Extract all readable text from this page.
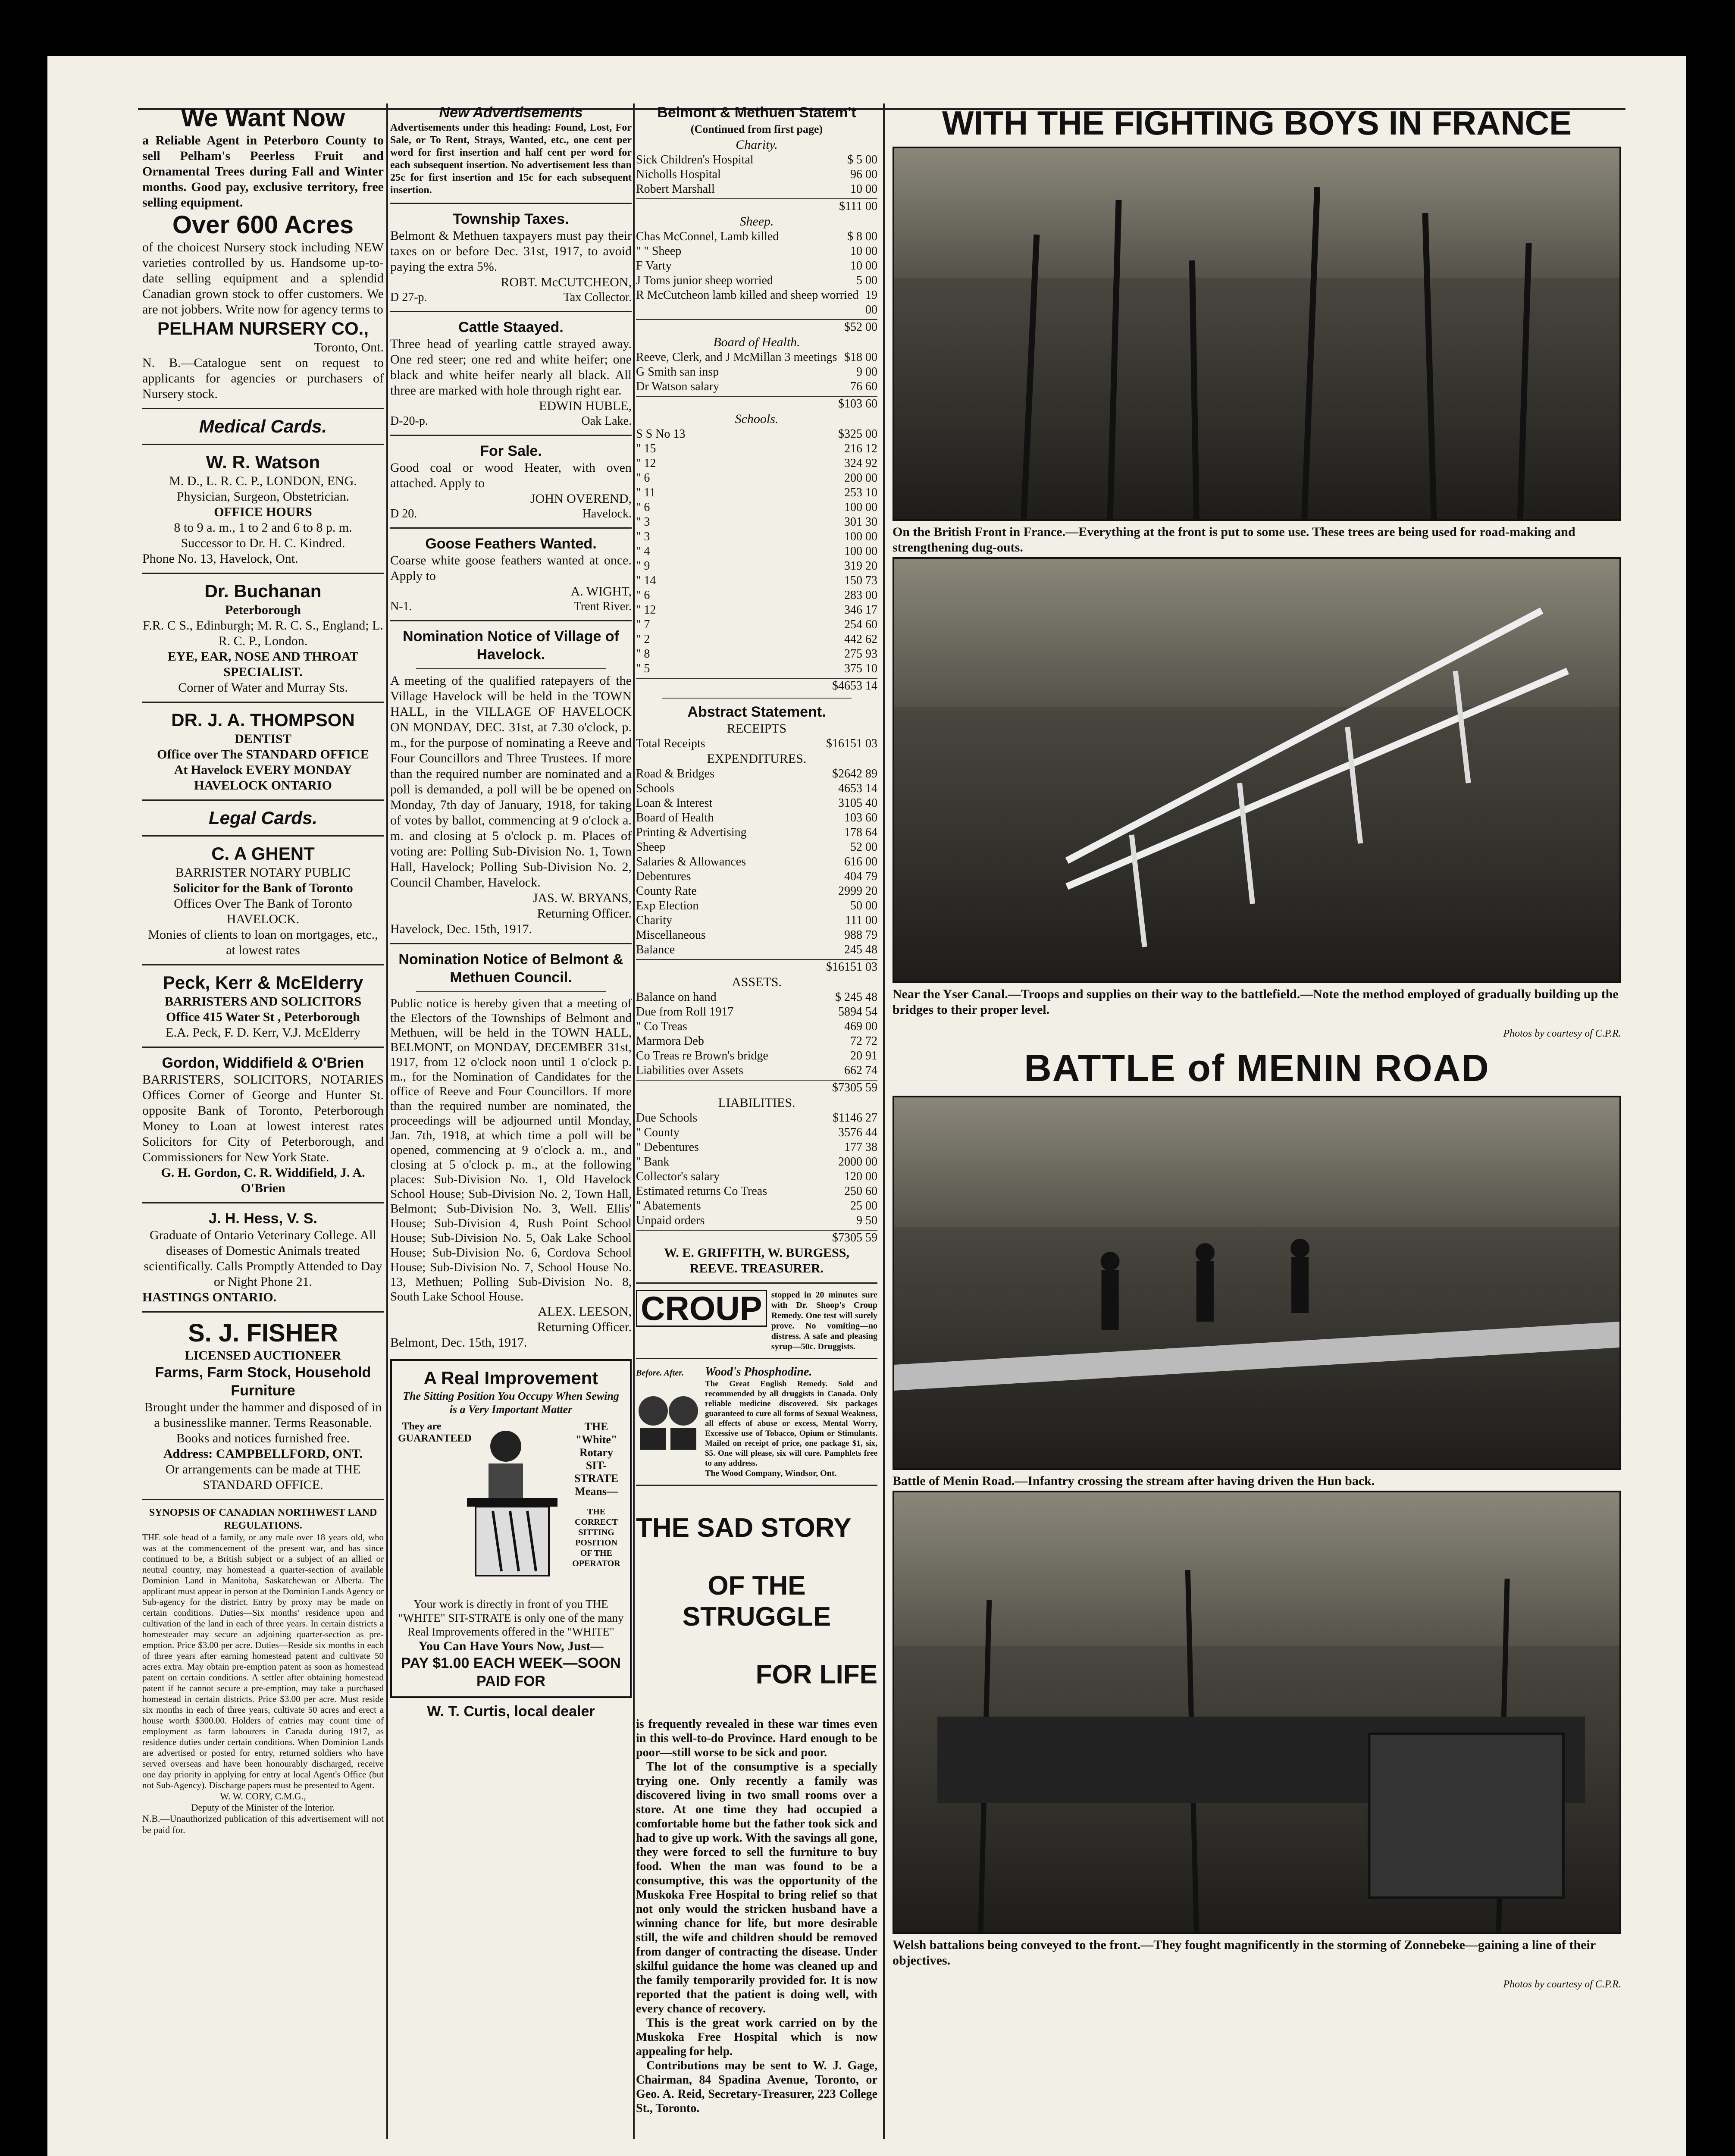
We Want Now

a Reliable Agent in Peterboro County to sell Pelham's Peerless Fruit and Ornamental Trees during Fall and Winter months. Good pay, exclusive territory, free selling equipment.

Over 600 Acres

of the choicest Nursery stock including NEW varieties controlled by us. Handsome up-to-date selling equipment and a splendid Canadian grown stock to offer customers. We are not jobbers. Write now for agency terms to

PELHAM NURSERY CO.,

Toronto, Ont.

N. B.—Catalogue sent on request to applicants for agencies or purchasers of Nursery stock.

Medical Cards.

W. R. Watson

M. D., L. R. C. P., LONDON, ENG.

Physician, Surgeon, Obstetrician.

OFFICE HOURS

8 to 9 a. m., 1 to 2 and 6 to 8 p. m.

Successor to Dr. H. C. Kindred.

Phone No. 13, Havelock, Ont.

Dr. Buchanan

Peterborough

F.R. C S., Edinburgh; M. R. C. S., England; L. R. C. P., London.

EYE, EAR, NOSE AND THROAT SPECIALIST.

Corner of Water and Murray Sts.

DR. J. A. THOMPSON

DENTIST

Office over The STANDARD OFFICE

At Havelock EVERY MONDAY

HAVELOCK ONTARIO

Legal Cards.

C. A GHENT

BARRISTER NOTARY PUBLIC

Solicitor for the Bank of Toronto

Offices Over The Bank of Toronto

HAVELOCK.

Monies of clients to loan on mortgages, etc., at lowest rates

Peck, Kerr & McElderry

BARRISTERS AND SOLICITORS

Office 415 Water St , Peterborough

E.A. Peck, F. D. Kerr, V.J. McElderry

Gordon, Widdifield & O'Brien

BARRISTERS, SOLICITORS, NOTARIES Offices Corner of George and Hunter St. opposite Bank of Toronto, Peterborough Money to Loan at lowest interest rates Solicitors for City of Peterborough, and Commissioners for New York State.

G. H. Gordon, C. R. Widdifield, J. A. O'Brien

J. H. Hess, V. S.

Graduate of Ontario Veterinary College. All diseases of Domestic Animals treated scientifically. Calls Promptly Attended to Day or Night Phone 21.

HASTINGS ONTARIO.

S. J. FISHER

LICENSED AUCTIONEER

Farms, Farm Stock, Household Furniture

Brought under the hammer and disposed of in a businesslike manner. Terms Reasonable. Books and notices furnished free.

Address: CAMPBELLFORD, ONT.

Or arrangements can be made at THE STANDARD OFFICE.

SYNOPSIS OF CANADIAN NORTHWEST LAND REGULATIONS.

THE sole head of a family, or any male over 18 years old, who was at the commencement of the present war, and has since continued to be, a British subject or a subject of an allied or neutral country, may homestead a quarter-section of available Dominion Land in Manitoba, Saskatchewan or Alberta. The applicant must appear in person at the Dominion Lands Agency or Sub-agency for the district. Entry by proxy may be made on certain conditions. Duties—Six months' residence upon and cultivation of the land in each of three years. In certain districts a homesteader may secure an adjoining quarter-section as pre-emption. Price $3.00 per acre. Duties—Reside six months in each of three years after earning homestead patent and cultivate 50 acres extra. May obtain pre-emption patent as soon as homestead patent on certain conditions. A settler after obtaining homestead patent if he cannot secure a pre-emption, may take a purchased homestead in certain districts. Price $3.00 per acre. Must reside six months in each of three years, cultivate 50 acres and erect a house worth $300.00. Holders of entries may count time of employment as farm labourers in Canada during 1917, as residence duties under certain conditions. When Dominion Lands are advertised or posted for entry, returned soldiers who have served overseas and have been honourably discharged, receive one day priority in applying for entry at local Agent's Office (but not Sub-Agency). Discharge papers must be presented to Agent.

W. W. CORY, C.M.G.,

Deputy of the Minister of the Interior.

N.B.—Unauthorized publication of this advertisement will not be paid for.

New Advertisements

Advertisements under this heading: Found, Lost, For Sale, or To Rent, Strays, Wanted, etc., one cent per word for first insertion and half cent per word for each subsequent insertion. No advertisement less than 25c for first insertion and 15c for each subsequent insertion.

Township Taxes.

Belmont & Methuen taxpayers must pay their taxes on or before Dec. 31st, 1917, to avoid paying the extra 5%.

ROBT. McCUTCHEON,

D 27-p.	Tax Collector.

Cattle Staayed.

Three head of yearling cattle strayed away. One red steer; one red and white heifer; one black and white heifer nearly all black. All three are marked with hole through right ear.

EDWIN HUBLE,

D-20-p.	Oak Lake.

For Sale.

Good coal or wood Heater, with oven attached. Apply to

JOHN OVEREND,

D 20.	Havelock.

Goose Feathers Wanted.

Coarse white goose feathers wanted at once. Apply to

A. WIGHT,

N-1.	Trent River.

Nomination Notice of Village of Havelock.

A meeting of the qualified ratepayers of the Village Havelock will be held in the TOWN HALL, in the VILLAGE OF HAVELOCK ON MONDAY, DEC. 31st, at 7.30 o'clock, p. m., for the purpose of nominating a Reeve and Four Councillors and Three Trustees. If more than the required number are nominated and a poll is demanded, a poll will be be opened on Monday, 7th day of January, 1918, for taking of votes by ballot, commencing at 9 o'clock a. m. and closing at 5 o'clock p. m. Places of voting are: Polling Sub-Division No. 1, Town Hall, Havelock; Polling Sub-Division No. 2, Council Chamber, Havelock.

JAS. W. BRYANS,

Returning Officer.

Havelock, Dec. 15th, 1917.

Nomination Notice of Belmont & Methuen Council.

Public notice is hereby given that a meeting of the Electors of the Townships of Belmont and Methuen, will be held in the TOWN HALL, BELMONT, on MONDAY, DECEMBER 31st, 1917, from 12 o'clock noon until 1 o'clock p. m., for the Nomination of Candidates for the office of Reeve and Four Councillors. If more than the required number are nominated, the proceedings will be adjourned until Monday, Jan. 7th, 1918, at which time a poll will be opened, commencing at 9 o'clock a. m., and closing at 5 o'clock p. m., at the following places: Sub-Division No. 1, Old Havelock School House; Sub-Division No. 2, Town Hall, Belmont; Sub-Division No. 3, Well. Ellis' House; Sub-Division 4, Rush Point School House; Sub-Division No. 5, Oak Lake School House; Sub-Division No. 6, Cordova School House; Sub-Division No. 7, School House No. 13, Methuen; Polling Sub-Division No. 8, South Lake School House.

ALEX. LEESON,

Returning Officer.

Belmont, Dec. 15th, 1917.

A Real Improvement

The Sitting Position You Occupy When Sewing is a Very Important Matter

They are GUARANTEED

THE "White" Rotary SIT-STRATE Means—

THE CORRECT SITTING POSITION OF THE OPERATOR

Your work is directly in front of you THE "WHITE" SIT-STRATE is only one of the many Real Improvements offered in the "WHITE"

You Can Have Yours Now, Just—

PAY $1.00 EACH WEEK—SOON PAID FOR

W. T. Curtis, local dealer

Belmont & Methuen Statem't

(Continued from first page)

Charity.

Sick Children's Hospital	$ 5 00
Nicholls Hospital	96 00
Robert Marshall	10 00
$111 00

Sheep.

Chas McConnel, Lamb killed	$ 8 00
" " Sheep	10 00
F Varty	10 00
J Toms junior sheep worried	5 00
R McCutcheon lamb killed and sheep worried 19 00
$52 00

Board of Health.

Reeve, Clerk, and J McMillan 3 meetings $18 00
G Smith san insp	9 00
Dr Watson salary	76 60
$103 60

Schools.

S S No 13	$325 00
" 15	216 12
" 12	324 92
" 6	200 00
" 11	253 10
" 6	100 00
" 3	301 30
" 3	100 00
" 4	100 00
" 9	319 20
" 14	150 73
" 6	283 00
" 12	346 17
" 7	254 60
" 2	442 62
" 8	275 93
" 5	375 10
$4653 14

Abstract Statement.

RECEIPTS

Total Receipts	$16151 03

EXPENDITURES.

Road & Bridges	$2642 89
Schools	4653 14
Loan & Interest	3105 40
Board of Health	103 60
Printing & Advertising	178 64
Sheep	52 00
Salaries & Allowances	616 00
Debentures	404 79
County Rate	2999 20
Exp Election	50 00
Charity	111 00
Miscellaneous	988 79
Balance	245 48
$16151 03

ASSETS.

Balance on hand	$ 245 48
Due from Roll 1917	5894 54
" Co Treas	469 00
Marmora Deb	72 72
Co Treas re Brown's bridge	20 91
Liabilities over Assets	662 74
$7305 59

LIABILITIES.

Due Schools	$1146 27
" County	3576 44
" Debentures	177 38
" Bank	2000 00
Collector's salary	120 00
Estimated returns Co Treas	250 60
" Abatements	25 00
Unpaid orders	9 50
$7305 59

W. E. GRIFFITH, W. BURGESS,

REEVE. TREASURER.

CROUP	stopped in 20 minutes sure with Dr. Shoop's Croup Remedy. One test will surely prove. No vomiting—no distress. A safe and pleasing syrup—50c. Druggists.

Before. After.	Wood's Phosphodine.

The Great English Remedy. Sold and recommended by all druggists in Canada. Only reliable medicine discovered. Six packages guaranteed to cure all forms of Sexual Weakness, all effects of abuse or excess, Mental Worry, Excessive use of Tobacco, Opium or Stimulants. Mailed on receipt of price, one package $1, six, $5. One will please, six will cure. Pamphlets free to any address.

The Wood Company, Windsor, Ont.

THE SAD STORY

OF THE STRUGGLE

FOR LIFE

is frequently revealed in these war times even in this well-to-do Province. Hard enough to be poor—still worse to be sick and poor.

The lot of the consumptive is a specially trying one. Only recently a family was discovered living in two small rooms over a store. At one time they had occupied a comfortable home but the father took sick and had to give up work. With the savings all gone, they were forced to sell the furniture to buy food. When the man was found to be a consumptive, this was the opportunity of the Muskoka Free Hospital to bring relief so that not only would the stricken husband have a winning chance for life, but more desirable still, the wife and children should be removed from danger of contracting the disease. Under skilful guidance the home was cleaned up and the family temporarily provided for. It is now reported that the patient is doing well, with every chance of recovery.

This is the great work carried on by the Muskoka Free Hospital which is now appealing for help.

Contributions may be sent to W. J. Gage, Chairman, 84 Spadina Avenue, Toronto, or Geo. A. Reid, Secretary-Treasurer, 223 College St., Toronto.

WITH THE FIGHTING BOYS IN FRANCE

On the British Front in France.—Everything at the front is put to some use. These trees are being used for road-making and strengthening dug-outs.

Near the Yser Canal.—Troops and supplies on their way to the battlefield.—Note the method employed of gradually building up the bridges to their proper level.

Photos by courtesy of C.P.R.

BATTLE of MENIN ROAD

Battle of Menin Road.—Infantry crossing the stream after having driven the Hun back.

Welsh battalions being conveyed to the front.—They fought magnificently in the storming of Zonnebeke—gaining a line of their objectives.

Photos by courtesy of C.P.R.
